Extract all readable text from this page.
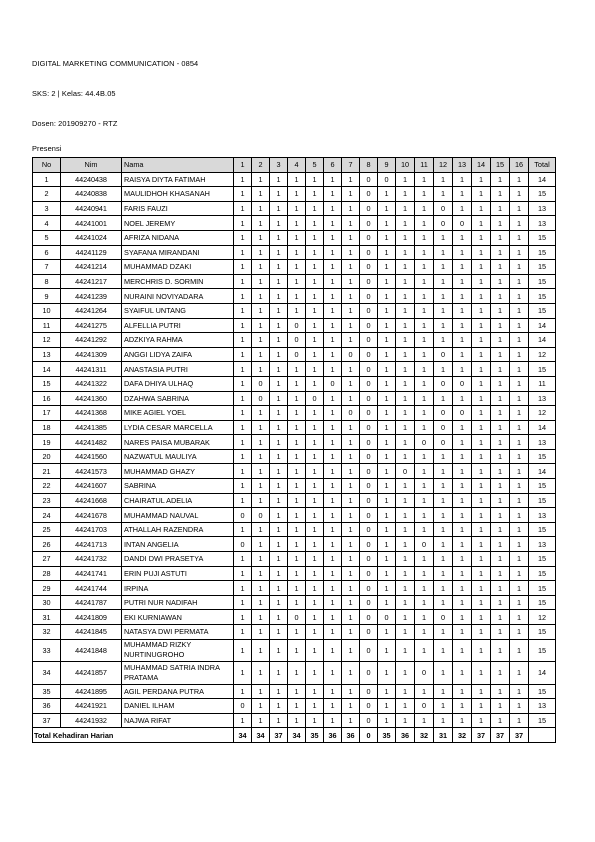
DIGITAL MARKETING COMMUNICATION - 0854
SKS: 2 | Kelas: 44.4B.05
Dosen: 201909270 - RTZ
Presensi
No	Nim	Nama	1	2	3	4	5	6	7	8	9	10	11	12	13	14	15	16	Total
1	44240438	RAISYA DIYTA FATIMAH	1	1	1	1	1	1	1	0	0	1	1	1	1	1	1	1	14
2	44240838	MAULIDHOH KHASANAH	1	1	1	1	1	1	1	0	1	1	1	1	1	1	1	1	15
3	44240941	FARIS FAUZI	1	1	1	1	1	1	1	0	1	1	1	0	1	1	1	1	13
4	44241001	NOEL JEREMY	1	1	1	1	1	1	1	0	1	1	1	0	0	1	1	1	13
5	44241024	AFRIZA NIDANA	1	1	1	1	1	1	1	0	1	1	1	1	1	1	1	1	15
6	44241129	SYAFANA MIRANDANI	1	1	1	1	1	1	1	0	1	1	1	1	1	1	1	1	15
7	44241214	MUHAMMAD DZAKI	1	1	1	1	1	1	1	0	1	1	1	1	1	1	1	1	15
8	44241217	MERCHRIS D. SORMIN	1	1	1	1	1	1	1	0	1	1	1	1	1	1	1	1	15
9	44241239	NURAINI NOVIYADARA	1	1	1	1	1	1	1	0	1	1	1	1	1	1	1	1	15
10	44241264	SYAIFUL UNTANG	1	1	1	1	1	1	1	0	1	1	1	1	1	1	1	1	15
11	44241275	ALFELLIA PUTRI	1	1	1	0	1	1	1	0	1	1	1	1	1	1	1	1	14
12	44241292	ADZKIYA RAHMA	1	1	1	0	1	1	1	0	1	1	1	1	1	1	1	1	14
13	44241309	ANGGI LIDYA ZAIFA	1	1	1	0	1	1	0	0	1	1	1	0	1	1	1	1	12
14	44241311	ANASTASIA PUTRI	1	1	1	1	1	1	1	0	1	1	1	1	1	1	1	1	15
15	44241322	DAFA DHIYA ULHAQ	1	0	1	1	1	0	1	0	1	1	1	0	0	1	1	1	11
16	44241360	DZAHWA SABRINA	1	0	1	1	0	1	1	0	1	1	1	1	1	1	1	1	13
17	44241368	MIKE AGIEL YOEL	1	1	1	1	1	1	0	0	1	1	1	0	0	1	1	1	12
18	44241385	LYDIA CESAR MARCELLA	1	1	1	1	1	1	1	0	1	1	1	0	1	1	1	1	14
19	44241482	NARES PAISA MUBARAK	1	1	1	1	1	1	1	0	1	1	0	0	1	1	1	1	13
20	44241560	NAZWATUL MAULIYA	1	1	1	1	1	1	1	0	1	1	1	1	1	1	1	1	15
21	44241573	MUHAMMAD GHAZY	1	1	1	1	1	1	1	0	1	0	1	1	1	1	1	1	14
22	44241607	SABRINA	1	1	1	1	1	1	1	0	1	1	1	1	1	1	1	1	15
23	44241668	CHAIRATUL ADELIA	1	1	1	1	1	1	1	0	1	1	1	1	1	1	1	1	15
24	44241678	MUHAMMAD NAUVAL	0	0	1	1	1	1	1	0	1	1	1	1	1	1	1	1	13
25	44241703	ATHALLAH RAZENDRA	1	1	1	1	1	1	1	0	1	1	1	1	1	1	1	1	15
26	44241713	INTAN ANGELIA	0	1	1	1	1	1	1	0	1	1	0	1	1	1	1	1	13
27	44241732	DANDI DWI PRASETYA	1	1	1	1	1	1	1	0	1	1	1	1	1	1	1	1	15
28	44241741	ERIN PUJI ASTUTI	1	1	1	1	1	1	1	0	1	1	1	1	1	1	1	1	15
29	44241744	IRPINA	1	1	1	1	1	1	1	0	1	1	1	1	1	1	1	1	15
30	44241787	PUTRI NUR NADIFAH	1	1	1	1	1	1	1	0	1	1	1	1	1	1	1	1	15
31	44241809	EKI KURNIAWAN	1	1	1	0	1	1	1	0	0	1	1	0	1	1	1	1	12
32	44241845	NATASYA DWI PERMATA	1	1	1	1	1	1	1	0	1	1	1	1	1	1	1	1	15
33	44241848	MUHAMMAD RIZKY NURTINUGROHO	1	1	1	1	1	1	1	0	1	1	1	1	1	1	1	1	15
34	44241857	MUHAMMAD SATRIA INDRA PRATAMA	1	1	1	1	1	1	1	0	1	1	0	1	1	1	1	1	14
35	44241895	AGIL PERDANA PUTRA	1	1	1	1	1	1	1	0	1	1	1	1	1	1	1	1	15
36	44241921	DANIEL ILHAM	0	1	1	1	1	1	1	0	1	1	0	1	1	1	1	1	13
37	44241932	NAJWA RIFAT	1	1	1	1	1	1	1	0	1	1	1	1	1	1	1	1	15
Total Kehadiran Harian			34	34	37	34	35	36	36	0	35	36	32	31	32	37	37	37	
